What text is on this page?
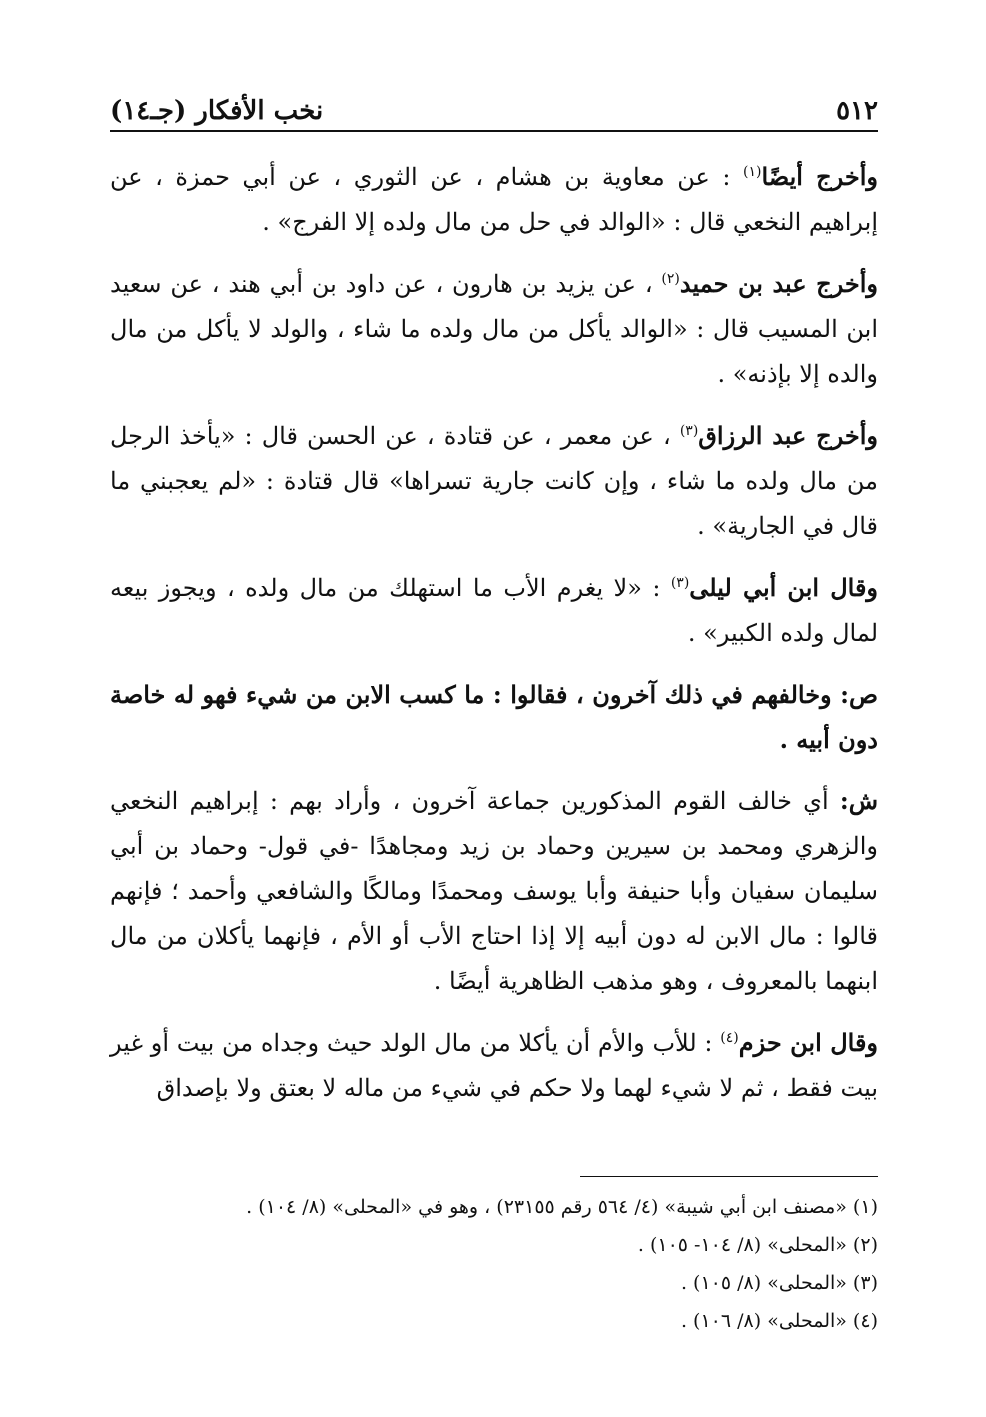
٥١٢
نخب الأفكار (جـ١٤)

وأخرج أيضًا$^{(١)}$ : عن معاوية بن هشام ، عن الثوري ، عن أبي حمزة ، عن إبراهيم النخعي قال : «الوالد في حل من مال ولده إلا الفرج» .

وأخرج عبد بن حميد$^{(٢)}$ ، عن يزيد بن هارون ، عن داود بن أبي هند ، عن سعيد ابن المسيب قال : «الوالد يأكل من مال ولده ما شاء ، والولد لا يأكل من مال والده إلا بإذنه» .

وأخرج عبد الرزاق$^{(٣)}$ ، عن معمر ، عن قتادة ، عن الحسن قال : «يأخذ الرجل من مال ولده ما شاء ، وإن كانت جارية تسراها» قال قتادة : «لم يعجبني ما قال في الجارية» .

وقال ابن أبي ليلى$^{(٣)}$ : «لا يغرم الأب ما استهلك من مال ولده ، ويجوز بيعه لمال ولده الكبير» .

ص: وخالفهم في ذلك آخرون ، فقالوا : ما كسب الابن من شيء فهو له خاصة دون أبيه .

ش: أي خالف القوم المذكورين جماعة آخرون ، وأراد بهم : إبراهيم النخعي والزهري ومحمد بن سيرين وحماد بن زيد ومجاهدًا -في قول- وحماد بن أبي سليمان سفيان وأبا حنيفة وأبا يوسف ومحمدًا ومالكًا والشافعي وأحمد ؛ فإنهم قالوا : مال الابن له دون أبيه إلا إذا احتاج الأب أو الأم ، فإنهما يأكلان من مال ابنهما بالمعروف ، وهو مذهب الظاهرية أيضًا .

وقال ابن حزم$^{(٤)}$ : للأب والأم أن يأكلا من مال الولد حيث وجداه من بيت أو غير بيت فقط ، ثم لا شيء لهما ولا حكم في شيء من ماله لا بعتق ولا بإصداق

(١) «مصنف ابن أبي شيبة» (٤/ ٥٦٤ رقم ٢٣١٥٥) ، وهو في «المحلى» (٨/ ١٠٤) .
(٢) «المحلى» (٨/ ١٠٤- ١٠٥) .
(٣) «المحلى» (٨/ ١٠٥) .
(٤) «المحلى» (٨/ ١٠٦) .
